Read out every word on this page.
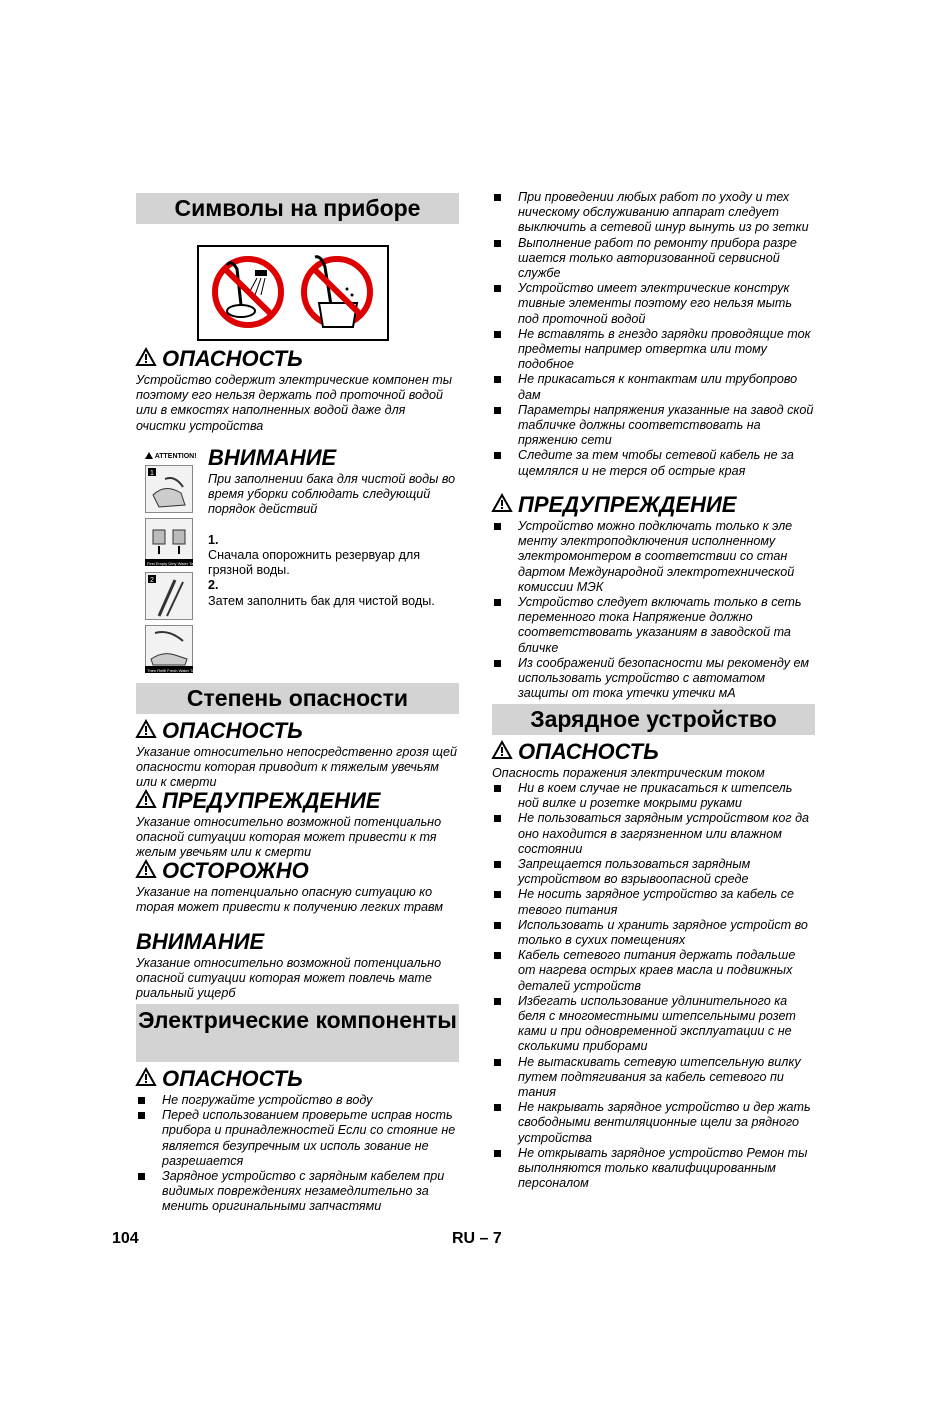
Символы на приборе
ОПАСНОСТЬ
Устройство содержит электрические компонен ты поэтому его нельзя держать под проточной водой или в емкостях наполненных водой даже для очистки устройства
ATTENTION!
1
First Empty Dirty Water Tank
2
Then Refill Fresh Water Tank
ВНИМАНИЕ
При заполнении бака для чистой воды во время уборки соблюдать следующий порядок действий
1.
Сначала опорожнить резервуар для грязной воды.
2.
Затем заполнить бак для чистой воды.
Степень опасности
ОПАСНОСТЬ
Указание относительно непосредственно грозя щей опасности которая приводит к тяжелым увечьям или к смерти
ПРЕДУПРЕЖДЕНИЕ
Указание относительно возможной потенциально опасной ситуации которая может привести к тя желым увечьям или к смерти
ОСТОРОЖНО
Указание на потенциально опасную ситуацию ко торая может привести к получению легких травм
ВНИМАНИЕ
Указание относительно возможной потенциально опасной ситуации которая может повлечь мате риальный ущерб
Электрические компоненты
ОПАСНОСТЬ
Не погружайте устройство в воду
Перед использованием проверьте исправ ность прибора и принадлежностей Если со стояние не является безупречным их исполь зование не разрешается
Зарядное устройство с зарядным кабелем при видимых повреждениях незамедлительно за менить оригинальными запчастями
При проведении любых работ по уходу и тех ническому обслуживанию аппарат следует выключить а сетевой шнур вынуть из ро зетки
Выполнение работ по ремонту прибора разре шается только авторизованной сервисной службе
Устройство имеет электрические конструк тивные элементы поэтому его нельзя мыть под проточной водой
Не вставлять в гнездо зарядки проводящие ток предметы например отвертка или тому подобное
Не прикасаться к контактам или трубопрово дам
Параметры напряжения указанные на завод ской табличке должны соответствовать на пряжению сети
Следите за тем чтобы сетевой кабель не за щемлялся и не терся об острые края
ПРЕДУПРЕЖДЕНИЕ
Устройство можно подключать только к эле менту электроподключения исполненному электромонтером в соответствии со стан дартом Международной электротехнической комиссии МЭК
Устройство следует включать только в сеть переменного тока Напряжение должно соответствовать указаниям в заводской та бличке
Из соображений безопасности мы рекоменду ем использовать устройство с автоматом защиты от тока утечки утечки мА
Зарядное устройство
ОПАСНОСТЬ
Опасность поражения электрическим током
Ни в коем случае не прикасаться к штепсель ной вилке и розетке мокрыми руками
Не пользоваться зарядным устройством ког да оно находится в загрязненном или влажном состоянии
Запрещается пользоваться зарядным устройством во взрывоопасной среде
Не носить зарядное устройство за кабель се тевого питания
Использовать и хранить зарядное устройст во только в сухих помещениях
Кабель сетевого питания держать подальше от нагрева острых краев масла и подвижных деталей устройств
Избегать использование удлинительного ка беля с многоместными штепсельными розет ками и при одновременной эксплуатации с не сколькими приборами
Не вытаскивать сетевую штепсельную вилку путем подтягивания за кабель сетевого пи тания
Не накрывать зарядное устройство и дер жать свободными вентиляционные щели за рядного устройства
Не открывать зарядное устройство Ремон ты выполняются только квалифицированным персоналом
104	RU – 7
